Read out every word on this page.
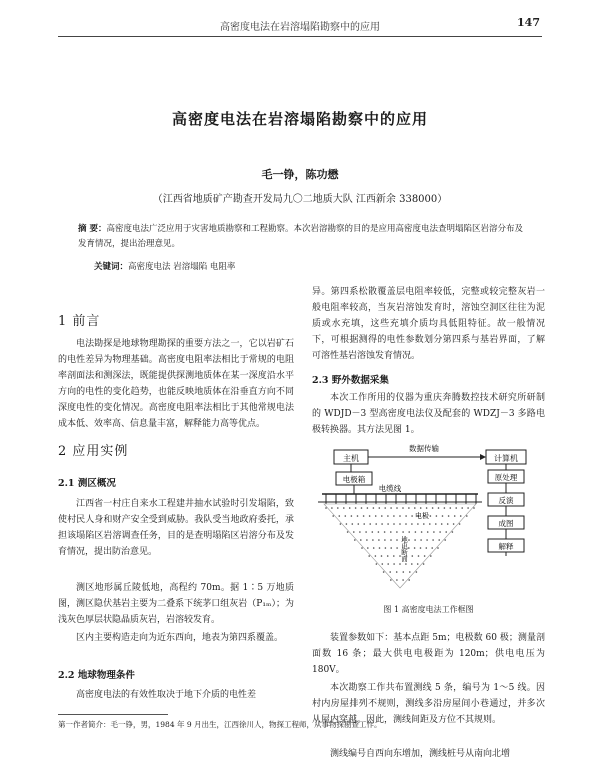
高密度电法在岩溶塌陷勘察中的应用	147
高密度电法在岩溶塌陷勘察中的应用
毛一铮，陈功懋
（江西省地质矿产勘查开发局九〇二地质大队 江西新余 338000）
摘 要：高密度电法广泛应用于灾害地质勘察和工程勘察。本次岩溶勘察的目的是应用高密度电法查明塌陷区岩溶分布及发育情况，提出治理意见。
关键词：高密度电法 岩溶塌陷 电阻率
1 前言
电法勘探是地球物理勘探的重要方法之一，它以岩矿石的电性差异为物理基础。高密度电阻率法相比于常规的电阻率剖面法和测深法，既能提供探测地质体在某一深度沿水平方向的电性的变化趋势，也能反映地质体在沿垂直方向不同深度电性的变化情况。高密度电阻率法相比于其他常规电法成本低、效率高、信息量丰富，解释能力高等优点。
2 应用实例
2.1 测区概况
江西省一村庄自来水工程建井抽水试验时引发塌陷，致使村民人身和财产安全受到威胁。我队受当地政府委托，承担该塌陷区岩溶调查任务，目的是查明塌陷区岩溶分布及发育情况，提出防治意见。
测区地形属丘陵低地，高程约 70m。据 1∶5 万地质图，测区隐伏基岩主要为二叠系下统茅口组灰岩（P₁ₘ）；为浅灰色厚层状隐晶质灰岩，岩溶较发育。
区内主要构造走向为近东西向，地表为第四系覆盖。
2.2 地球物理条件
高密度电法的有效性取决于地下介质的电性差
异。第四系松散覆盖层电阻率较低，完整或较完整灰岩一般电阻率较高，当灰岩溶蚀发育时，溶蚀空洞区往往为泥质或水充填，这些充填介质均具低阻特征。故一般情况下，可根据测得的电性参数划分第四系与基岩界面，了解可溶性基岩溶蚀发育情况。
2.3 野外数据采集
本次工作所用的仪器为重庆奔腾数控技术研究所研制的 WDJD－3 型高密度电法仪及配套的 WDZJ－3 多路电极转换器。其方法见图 1。
主机
数据传输
计算机
原处理
反演
成图
解释
电极箱
电缆线
电极
地电断面
图 1 高密度电法工作框图
装置参数如下：基本点距 5m；电极数 60 极；测量剖面数 16 条；最大供电电极距为 120m；供电电压为 180V。
本次勘察工作共布置测线 5 条，编号为 1～5 线。因村内房屋排列不规则，测线多沿房屋间小巷通过，并多次从屋内穿越。因此，测线间距及方位不其规则。
测线编号自西向东增加，测线桩号从南向北增
第一作者简介：毛一铮，男，1984 年 9 月出生，江西徐川人，物探工程师，从事物探勘查工作。
